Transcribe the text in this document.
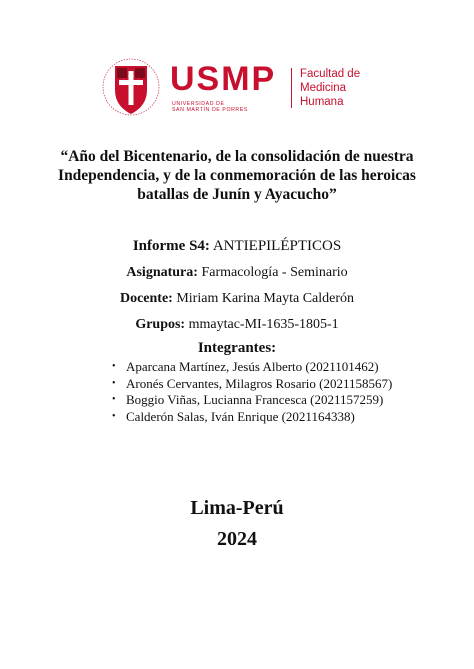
USMP
UNIVERSIDAD DE
SAN MARTÍN DE PORRES
Facultad de
Medicina
Humana
“Año del Bicentenario, de la consolidación de nuestra
Independencia, y de la conmemoración de las heroicas
batallas de Junín y Ayacucho”
Informe S4: ANTIEPILÉPTICOS
Asignatura: Farmacología - Seminario
Docente: Miriam Karina Mayta Calderón
Grupos: mmaytac-MI-1635-1805-1
Integrantes:
• Aparcana Martínez, Jesús Alberto (2021101462)
• Aronés Cervantes, Milagros Rosario (2021158567)
• Boggio Viñas, Lucianna Francesca (2021157259)
• Calderón Salas, Iván Enrique (2021164338)
Lima-Perú
2024
